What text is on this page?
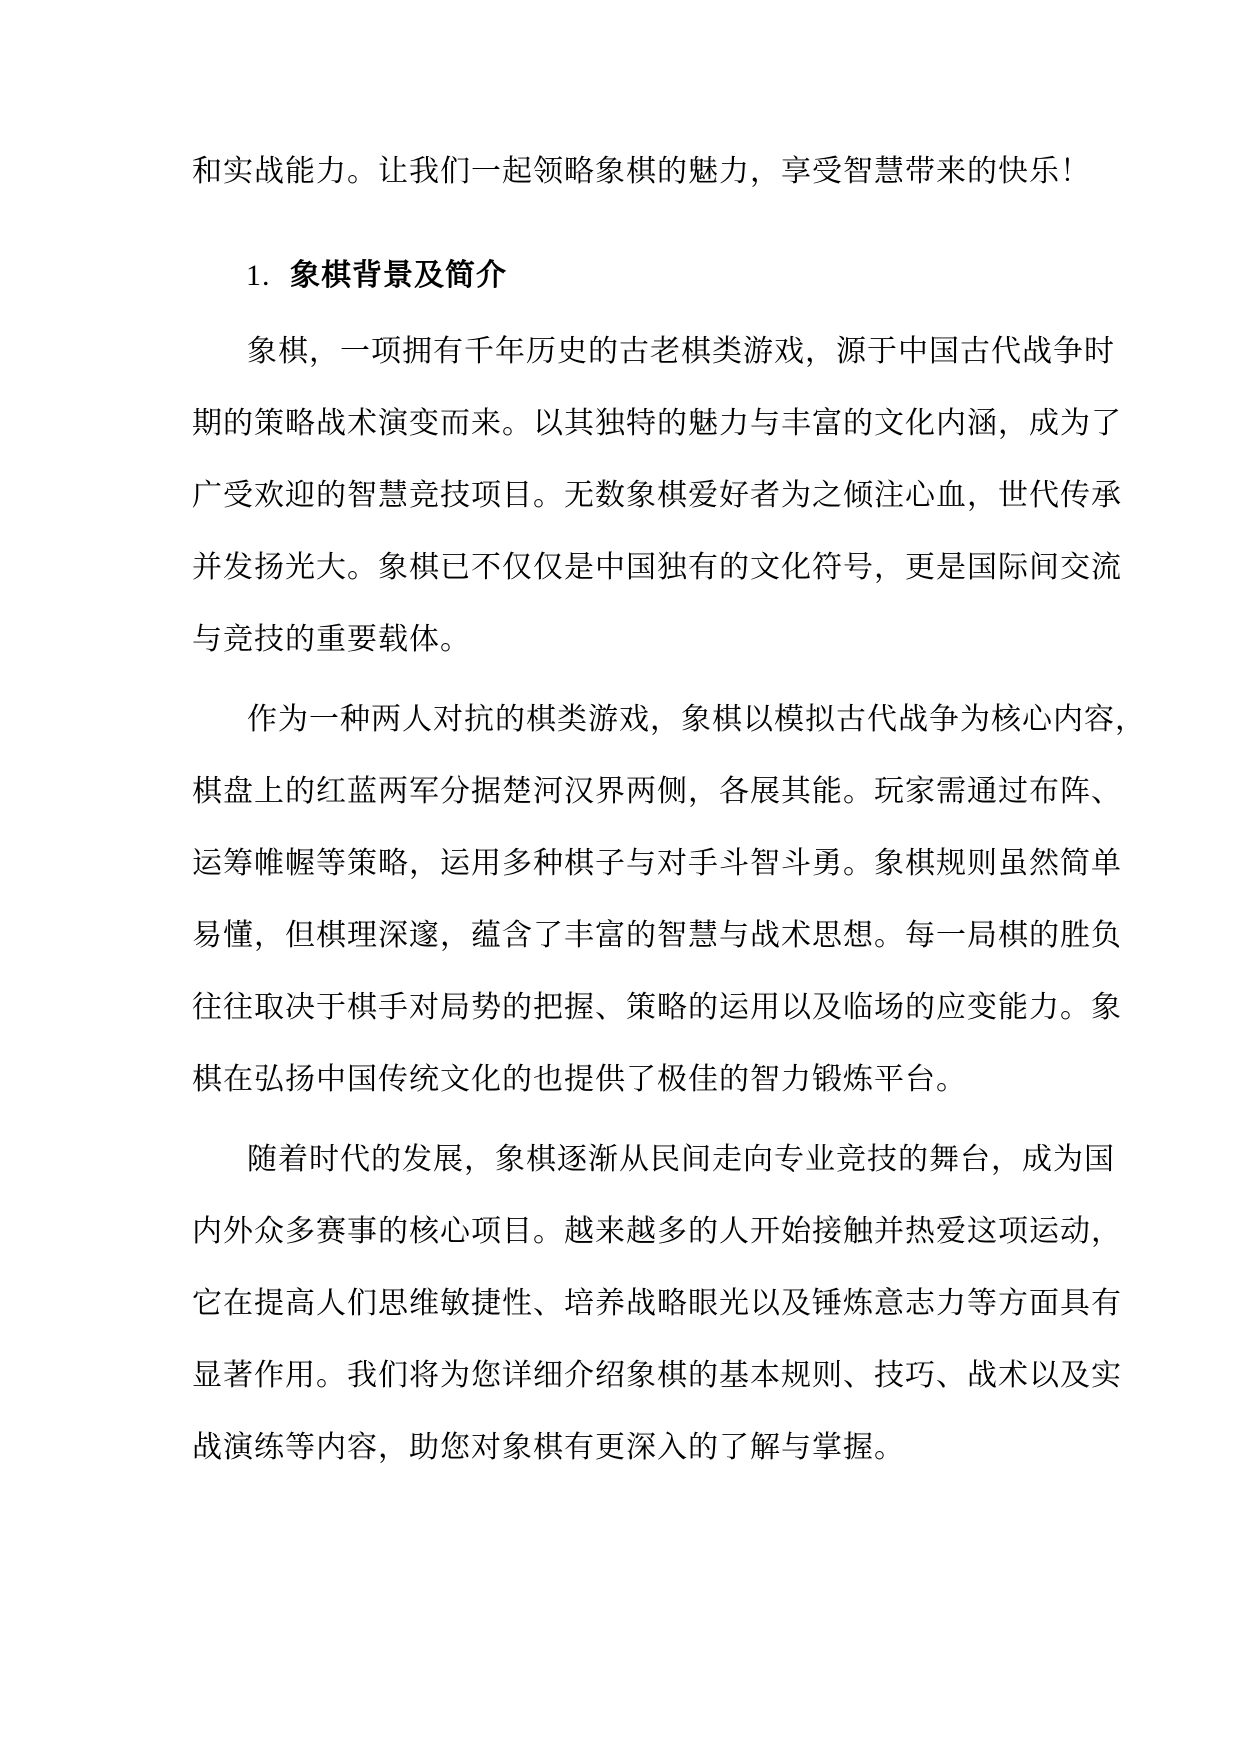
和实战能力。让我们一起领略象棋的魅力，享受智慧带来的快乐！
1. 象棋背景及简介
象棋，一项拥有千年历史的古老棋类游戏，源于中国古代战争时
期的策略战术演变而来。以其独特的魅力与丰富的文化内涵，成为了
广受欢迎的智慧竞技项目。无数象棋爱好者为之倾注心血，世代传承
并发扬光大。象棋已不仅仅是中国独有的文化符号，更是国际间交流
与竞技的重要载体。
作为一种两人对抗的棋类游戏，象棋以模拟古代战争为核心内容，
棋盘上的红蓝两军分据楚河汉界两侧，各展其能。玩家需通过布阵、
运筹帷幄等策略，运用多种棋子与对手斗智斗勇。象棋规则虽然简单
易懂，但棋理深邃，蕴含了丰富的智慧与战术思想。每一局棋的胜负
往往取决于棋手对局势的把握、策略的运用以及临场的应变能力。象
棋在弘扬中国传统文化的也提供了极佳的智力锻炼平台。
随着时代的发展，象棋逐渐从民间走向专业竞技的舞台，成为国
内外众多赛事的核心项目。越来越多的人开始接触并热爱这项运动，
它在提高人们思维敏捷性、培养战略眼光以及锤炼意志力等方面具有
显著作用。我们将为您详细介绍象棋的基本规则、技巧、战术以及实
战演练等内容，助您对象棋有更深入的了解与掌握。
